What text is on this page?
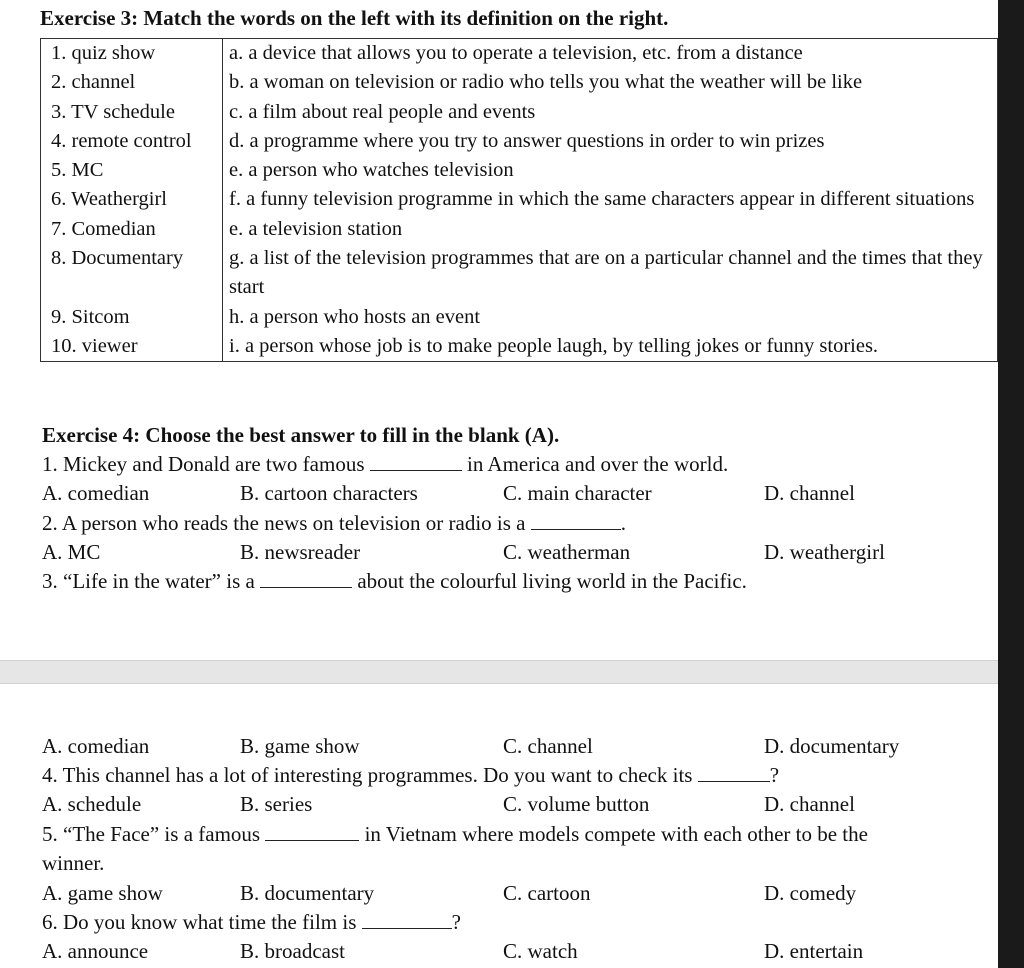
Exercise 3: Match the words on the left with its definition on the right.
1. quiz show	a. a device that allows you to operate a television, etc. from a distance
2. channel	b. a woman on television or radio who tells you what the weather will be like
3. TV schedule	c. a film about real people and events
4. remote control	d. a programme where you try to answer questions in order to win prizes
5. MC	e. a person who watches television
6. Weathergirl	f. a funny television programme in which the same characters appear in different situations
7. Comedian	e. a television station
8. Documentary	g. a list of the television programmes that are on a particular channel and the times that they start
9. Sitcom	h. a person who hosts an event
10. viewer	i. a person whose job is to make people laugh, by telling jokes or funny stories.
Exercise 4: Choose the best answer to fill in the blank (A).
1. Mickey and Donald are two famous	in America and over the world.
A. comedian	B. cartoon characters	C. main character	D. channel
2. A person who reads the news on television or radio is a	.
A. MC	B. newsreader	C. weatherman	D. weathergirl
3. “Life in the water” is a	about the colourful living world in the Pacific.
A. comedian	B. game show	C. channel	D. documentary
4. This channel has a lot of interesting programmes. Do you want to check its	?
A. schedule	B. series	C. volume button	D. channel
5. “The Face” is a famous	in Vietnam where models compete with each other to be the
winner.
A. game show	B. documentary	C. cartoon	D. comedy
6. Do you know what time the film is	?
A. announce	B. broadcast	C. watch	D. entertain
